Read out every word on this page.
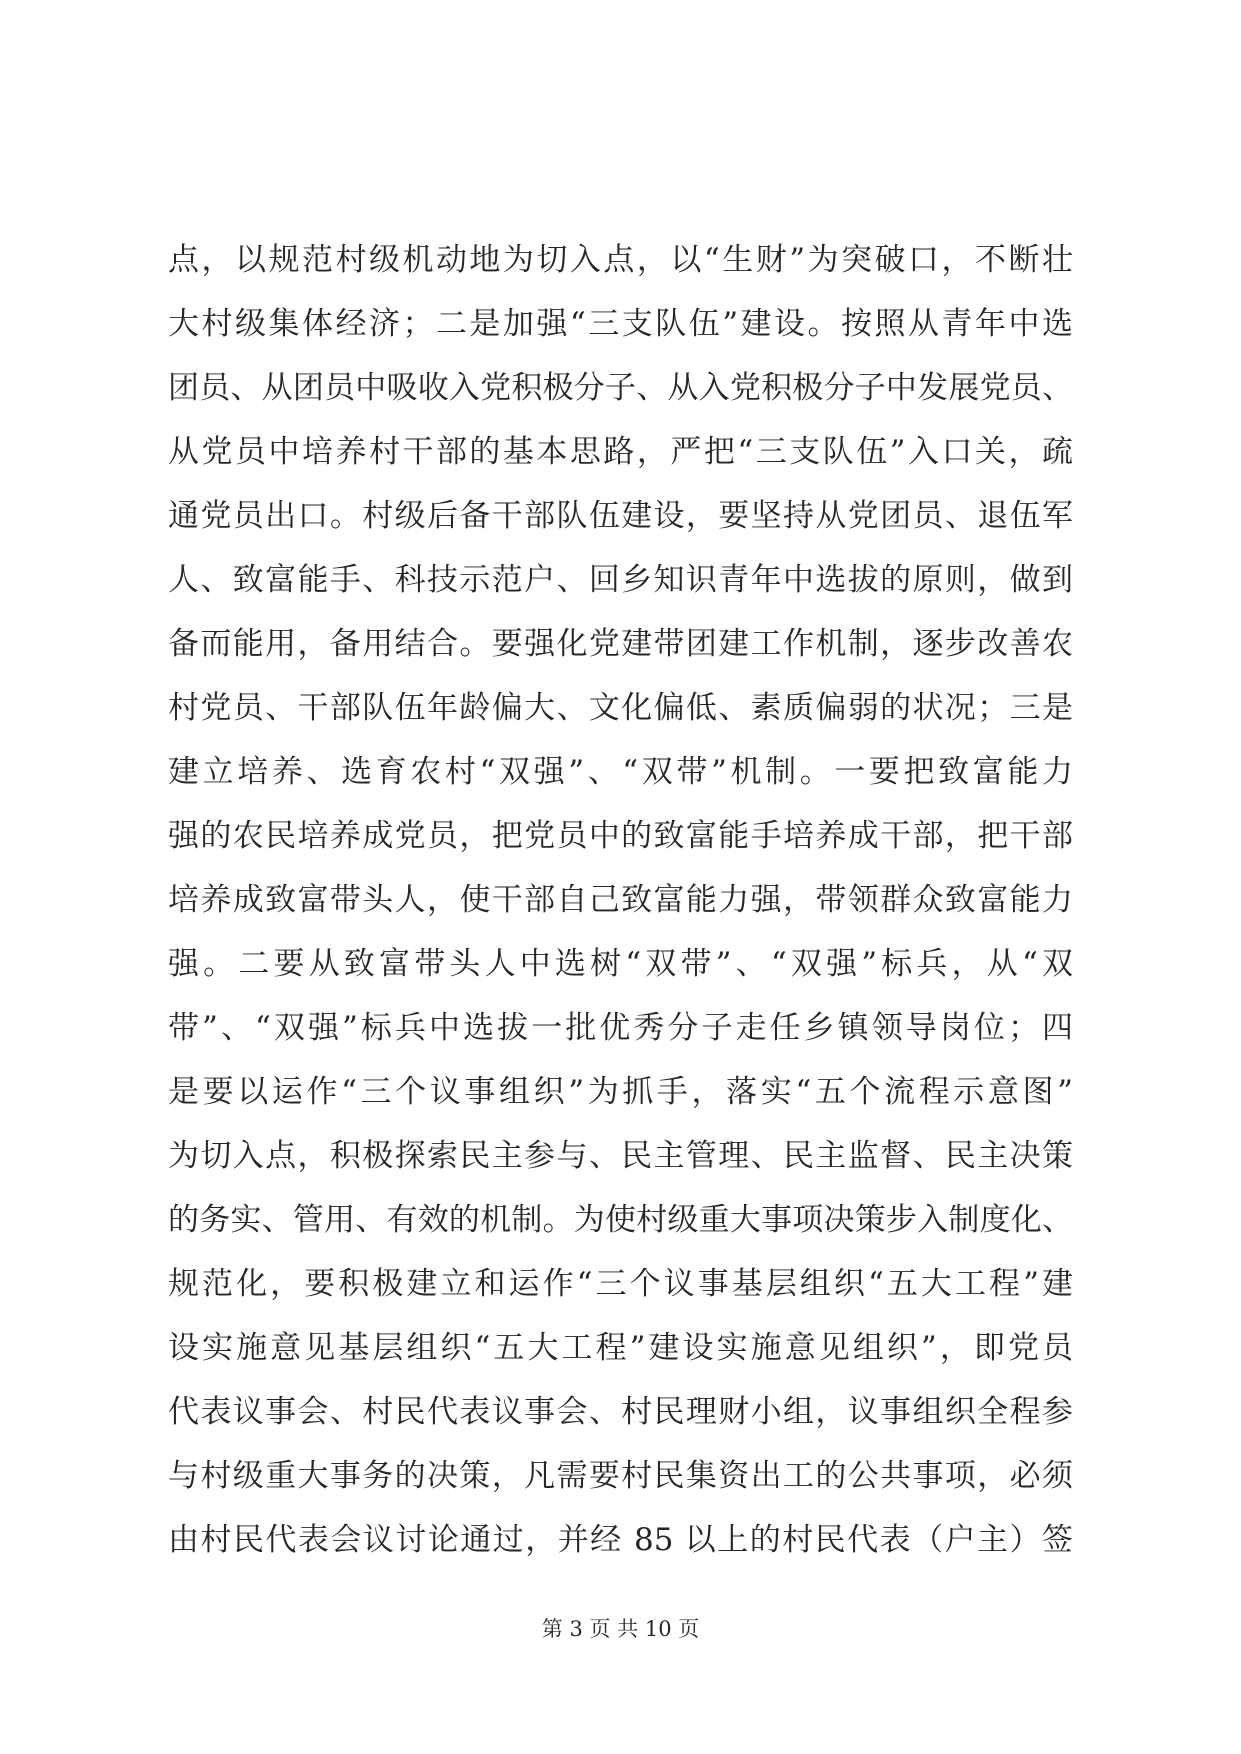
点，以规范村级机动地为切入点，以“生财”为突破口，不断壮
大村级集体经济；二是加强“三支队伍”建设。按照从青年中选
团员、从团员中吸收入党积极分子、从入党积极分子中发展党员、
从党员中培养村干部的基本思路，严把“三支队伍”入口关，疏
通党员出口。村级后备干部队伍建设，要坚持从党团员、退伍军
人、致富能手、科技示范户、回乡知识青年中选拔的原则，做到
备而能用，备用结合。要强化党建带团建工作机制，逐步改善农
村党员、干部队伍年龄偏大、文化偏低、素质偏弱的状况；三是
建立培养、选育农村“双强”、“双带”机制。一要把致富能力
强的农民培养成党员，把党员中的致富能手培养成干部，把干部
培养成致富带头人，使干部自己致富能力强，带领群众致富能力
强。二要从致富带头人中选树“双带”、“双强”标兵，从“双
带”、“双强”标兵中选拔一批优秀分子走任乡镇领导岗位；四
是要以运作“三个议事组织”为抓手，落实“五个流程示意图”
为切入点，积极探索民主参与、民主管理、民主监督、民主决策
的务实、管用、有效的机制。为使村级重大事项决策步入制度化、
规范化，要积极建立和运作“三个议事基层组织“五大工程”建
设实施意见基层组织“五大工程”建设实施意见组织”，即党员
代表议事会、村民代表议事会、村民理财小组，议事组织全程参
与村级重大事务的决策，凡需要村民集资出工的公共事项，必须
由村民代表会议讨论通过，并经 85 以上的村民代表（户主）签
第 3 页 共 10 页
